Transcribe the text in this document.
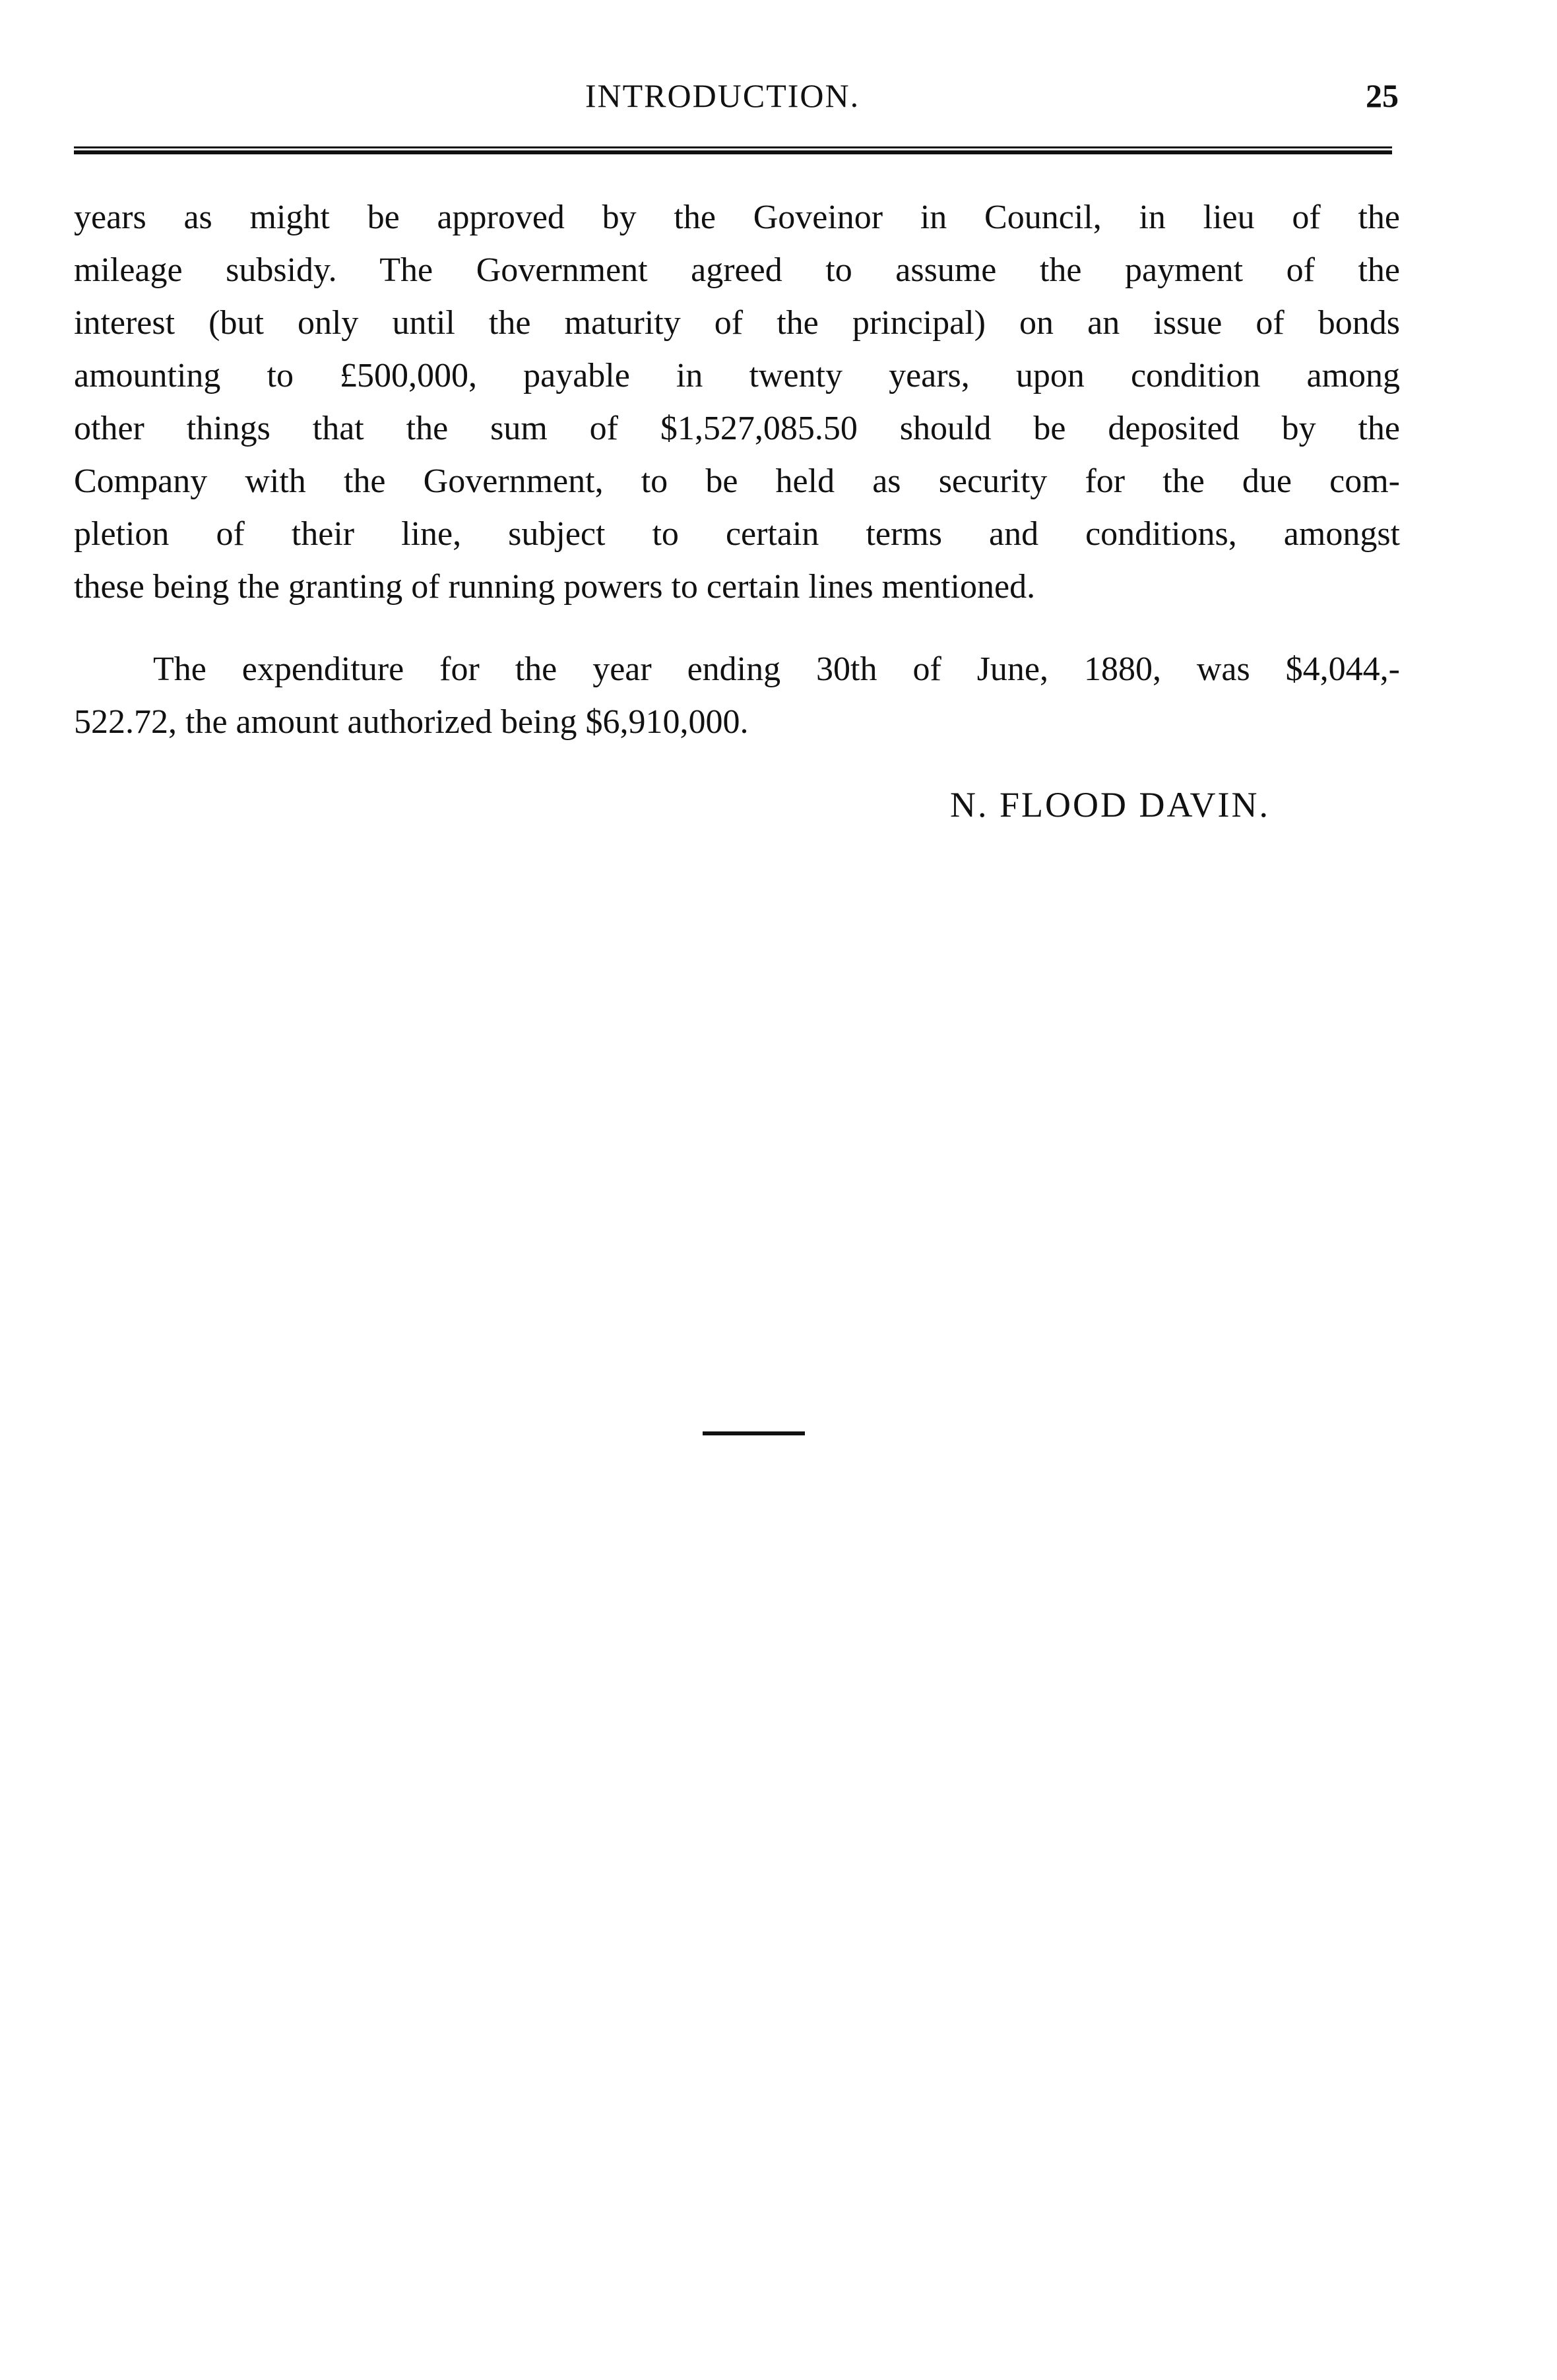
INTRODUCTION.	25
years as might be approved by the Goveinor in Council, in lieu of the
mileage subsidy. The Government agreed to assume the payment of the
interest (but only until the maturity of the principal) on an issue of bonds
amounting to £500,000, payable in twenty years, upon condition among
other things that the sum of $1,527,085.50 should be deposited by the
Company with the Government, to be held as security for the due com-
pletion of their line, subject to certain terms and conditions, amongst
these being the granting of running powers to certain lines mentioned.
The expenditure for the year ending 30th of June, 1880, was $4,044,-
522.72, the amount authorized being $6,910,000.
N. FLOOD DAVIN.
